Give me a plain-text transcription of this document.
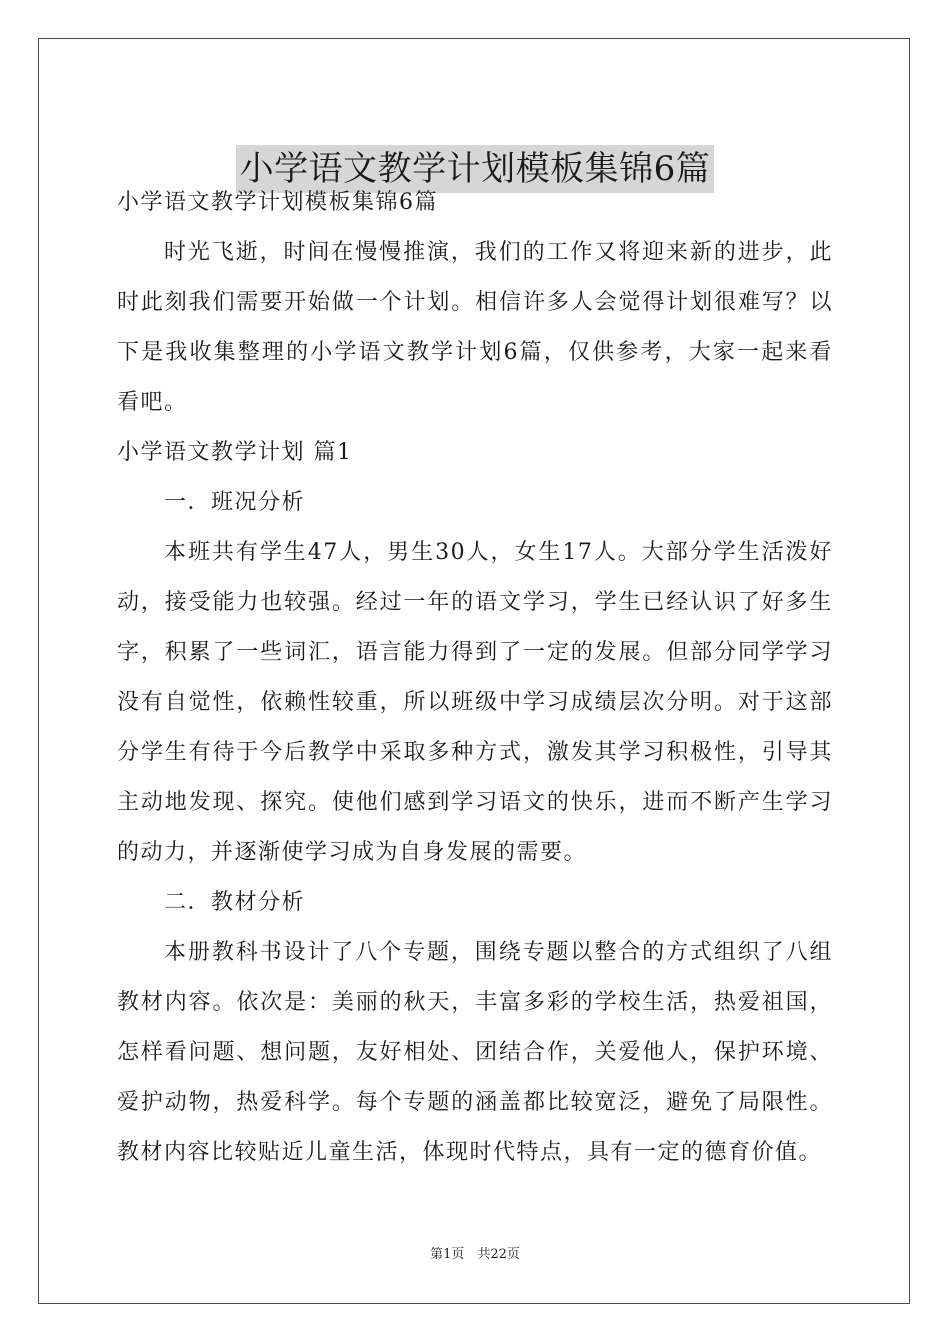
小学语文教学计划模板集锦6篇

小学语文教学计划模板集锦6篇

时光飞逝，时间在慢慢推演，我们的工作又将迎来新的进步，此时此刻我们需要开始做一个计划。相信许多人会觉得计划很难写？以下是我收集整理的小学语文教学计划6篇，仅供参考，大家一起来看看吧。

小学语文教学计划 篇1

一．班况分析

本班共有学生47人，男生30人，女生17人。大部分学生活泼好动，接受能力也较强。经过一年的语文学习，学生已经认识了好多生字，积累了一些词汇，语言能力得到了一定的发展。但部分同学学习没有自觉性，依赖性较重，所以班级中学习成绩层次分明。对于这部分学生有待于今后教学中采取多种方式，激发其学习积极性，引导其主动地发现、探究。使他们感到学习语文的快乐，进而不断产生学习的动力，并逐渐使学习成为自身发展的需要。

二．教材分析

本册教科书设计了八个专题，围绕专题以整合的方式组织了八组教材内容。依次是：美丽的秋天，丰富多彩的学校生活，热爱祖国，怎样看问题、想问题，友好相处、团结合作，关爱他人，保护环境、爱护动物，热爱科学。每个专题的涵盖都比较宽泛，避免了局限性。教材内容比较贴近儿童生活，体现时代特点，具有一定的德育价值。

第1页　共22页
